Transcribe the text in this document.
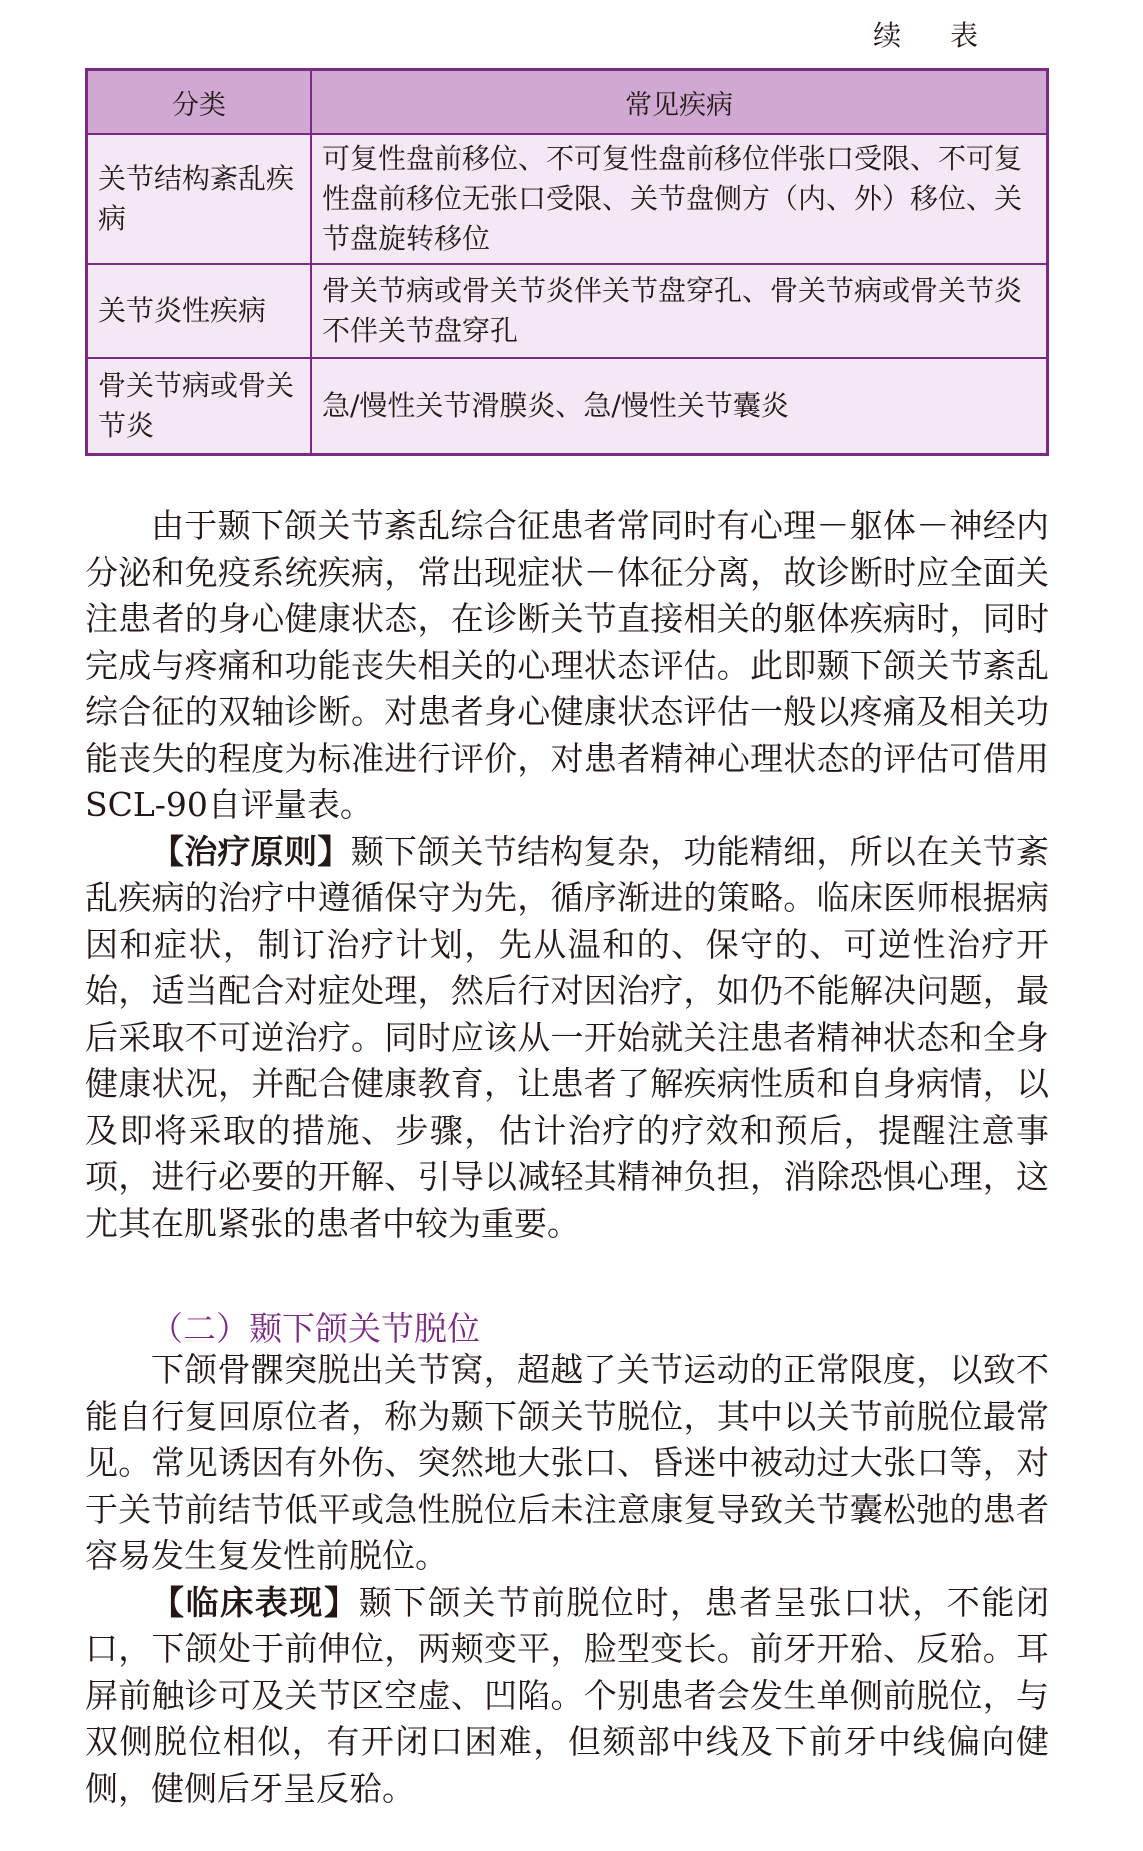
续 表
分类	常见疾病
关节结构紊乱疾病	可复性盘前移位、不可复性盘前移位伴张口受限、不可复性盘前移位无张口受限、关节盘侧方（内、外）移位、关节盘旋转移位
关节炎性疾病	骨关节病或骨关节炎伴关节盘穿孔、骨关节病或骨关节炎不伴关节盘穿孔
骨关节病或骨关节炎	急/慢性关节滑膜炎、急/慢性关节囊炎

由于颞下颌关节紊乱综合征患者常同时有心理－躯体－神经内分泌和免疫系统疾病，常出现症状－体征分离，故诊断时应全面关注患者的身心健康状态，在诊断关节直接相关的躯体疾病时，同时完成与疼痛和功能丧失相关的心理状态评估。此即颞下颌关节紊乱综合征的双轴诊断。对患者身心健康状态评估一般以疼痛及相关功能丧失的程度为标准进行评价，对患者精神心理状态的评估可借用SCL-90自评量表。

【治疗原则】颞下颌关节结构复杂，功能精细，所以在关节紊乱疾病的治疗中遵循保守为先，循序渐进的策略。临床医师根据病因和症状，制订治疗计划，先从温和的、保守的、可逆性治疗开始，适当配合对症处理，然后行对因治疗，如仍不能解决问题，最后采取不可逆治疗。同时应该从一开始就关注患者精神状态和全身健康状况，并配合健康教育，让患者了解疾病性质和自身病情，以及即将采取的措施、步骤，估计治疗的疗效和预后，提醒注意事项，进行必要的开解、引导以减轻其精神负担，消除恐惧心理，这尤其在肌紧张的患者中较为重要。

（二）颞下颌关节脱位

下颌骨髁突脱出关节窝，超越了关节运动的正常限度，以致不能自行复回原位者，称为颞下颌关节脱位，其中以关节前脱位最常见。常见诱因有外伤、突然地大张口、昏迷中被动过大张口等，对于关节前结节低平或急性脱位后未注意康复导致关节囊松弛的患者容易发生复发性前脱位。

【临床表现】颞下颌关节前脱位时，患者呈张口状，不能闭口，下颌处于前伸位，两颊变平，脸型变长。前牙开𬌗、反𬌗。耳屏前触诊可及关节区空虚、凹陷。个别患者会发生单侧前脱位，与双侧脱位相似，有开闭口困难，但颏部中线及下前牙中线偏向健侧，健侧后牙呈反𬌗。
